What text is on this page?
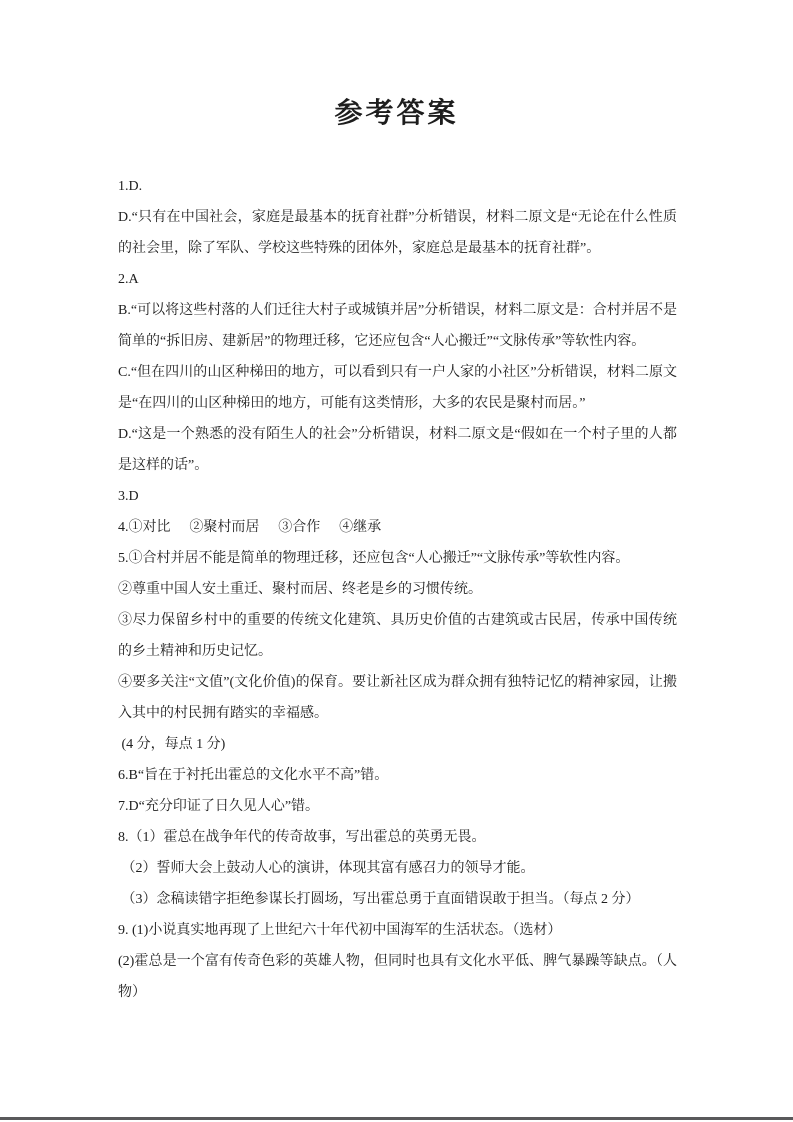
参考答案

1.D.

D.“只有在中国社会，家庭是最基本的抚育社群”分析错误，材料二原文是“无论在什么性质的社会里，除了军队、学校这些特殊的团体外，家庭总是最基本的抚育社群”。

2.A

B.“可以将这些村落的人们迁往大村子或城镇并居”分析错误，材料二原文是：合村并居不是简单的“拆旧房、建新居”的物理迁移，它还应包含“人心搬迁”“文脉传承”等软性内容。

C.“但在四川的山区种梯田的地方，可以看到只有一户人家的小社区”分析错误，材料二原文是“在四川的山区种梯田的地方，可能有这类情形，大多的农民是聚村而居。”

D.“这是一个熟悉的没有陌生人的社会”分析错误，材料二原文是“假如在一个村子里的人都是这样的话”。

3.D

4.①对比 ②聚村而居 ③合作 ④继承

5.①合村并居不能是简单的物理迁移，还应包含“人心搬迁”“文脉传承”等软性内容。

②尊重中国人安土重迁、聚村而居、终老是乡的习惯传统。

③尽力保留乡村中的重要的传统文化建筑、具历史价值的古建筑或古民居，传承中国传统的乡土精神和历史记忆。

④要多关注“文值”(文化价值)的保育。要让新社区成为群众拥有独特记忆的精神家园，让搬入其中的村民拥有踏实的幸福感。

(4 分，每点 1 分)

6.B“旨在于衬托出霍总的文化水平不高”错。

7.D“充分印证了日久见人心”错。

8.（1）霍总在战争年代的传奇故事，写出霍总的英勇无畏。

（2）誓师大会上鼓动人心的演讲，体现其富有感召力的领导才能。

（3）念稿读错字拒绝参谋长打圆场，写出霍总勇于直面错误敢于担当。（每点 2 分）

9. (1)小说真实地再现了上世纪六十年代初中国海军的生活状态。（选材）

(2)霍总是一个富有传奇色彩的英雄人物，但同时也具有文化水平低、脾气暴躁等缺点。（人物）
